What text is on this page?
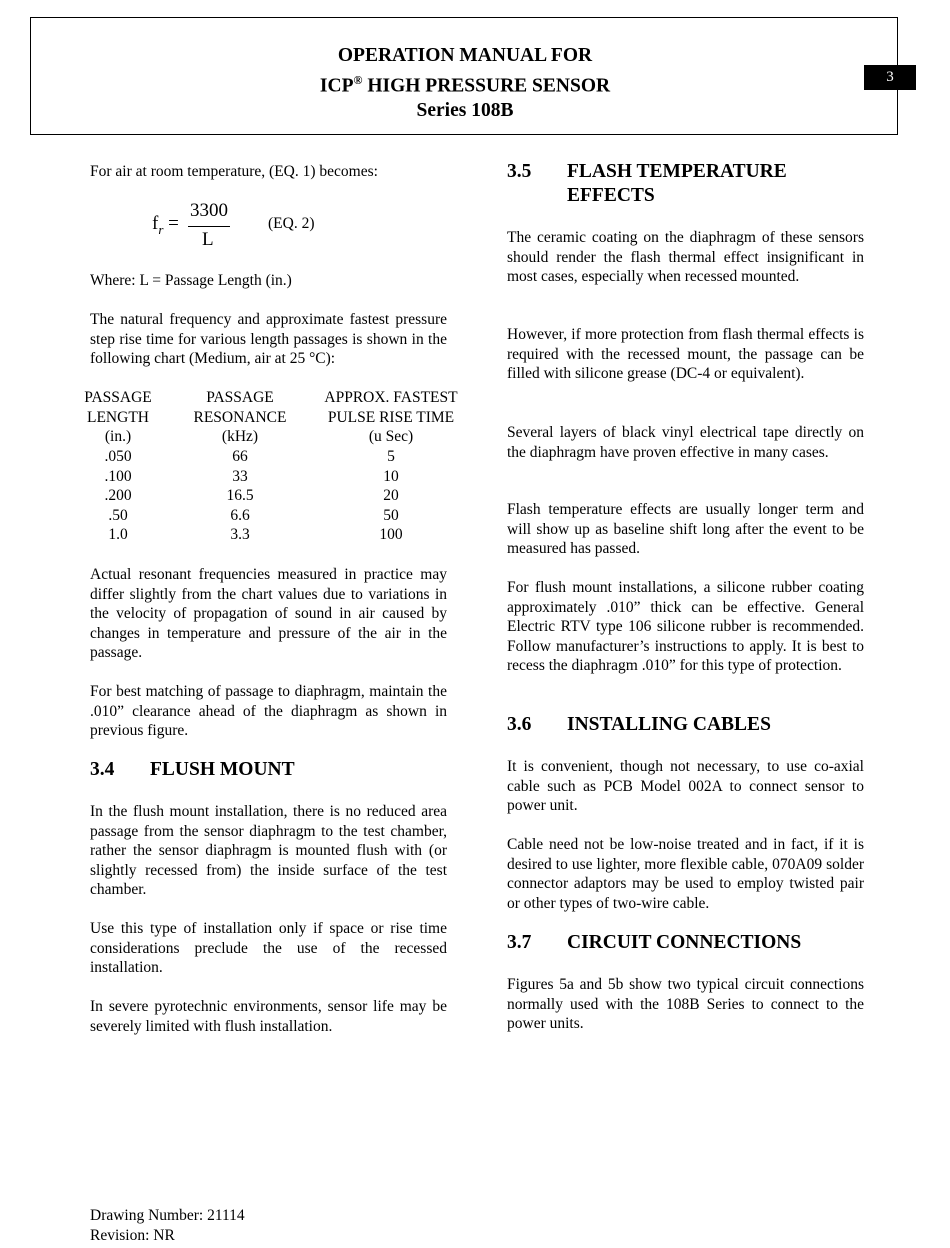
OPERATION MANUAL FOR
ICP® HIGH PRESSURE SENSOR
Series 108B
3
For air at room temperature, (EQ. 1) becomes:
$f_r$ =
3300
L
(EQ. 2)
Where: L = Passage Length (in.)
The natural frequency and approximate fastest pressure step rise time for various length passages is shown in the following chart (Medium, air at 25 °C):
PASSAGE
LENGTH
(in.)
PASSAGE
RESONANCE
(kHz)
APPROX. FASTEST
PULSE RISE TIME
(u Sec)
.050
.100
.200
.50
1.0
66
33
16.5
6.6
3.3
5
10
20
50
100
Actual resonant frequencies measured in practice may differ slightly from the chart values due to variations in the velocity of propagation of sound in air caused by changes in temperature and pressure of the air in the passage.
For best matching of passage to diaphragm, maintain the .010” clearance ahead of the diaphragm as shown in previous figure.
3.4 FLUSH MOUNT
In the flush mount installation, there is no reduced area passage from the sensor diaphragm to the test chamber, rather the sensor diaphragm is mounted flush with (or slightly recessed from) the inside surface of the test chamber.
Use this type of installation only if space or rise time considerations preclude the use of the recessed installation.
In severe pyrotechnic environments, sensor life may be severely limited with flush installation.
3.5 FLASH TEMPERATURE
EFFECTS
The ceramic coating on the diaphragm of these sensors should render the flash thermal effect insignificant in most cases, especially when recessed mounted.
However, if more protection from flash thermal effects is required with the recessed mount, the passage can be filled with silicone grease (DC-4 or equivalent).
Several layers of black vinyl electrical tape directly on the diaphragm have proven effective in many cases.
Flash temperature effects are usually longer term and will show up as baseline shift long after the event to be measured has passed.
For flush mount installations, a silicone rubber coating approximately .010” thick can be effective. General Electric RTV type 106 silicone rubber is recommended. Follow manufacturer’s instructions to apply. It is best to recess the diaphragm .010” for this type of protection.
3.6 INSTALLING CABLES
It is convenient, though not necessary, to use co-axial cable such as PCB Model 002A to connect sensor to power unit.
Cable need not be low-noise treated and in fact, if it is desired to use lighter, more flexible cable, 070A09 solder connector adaptors may be used to employ twisted pair or other types of two-wire cable.
3.7 CIRCUIT CONNECTIONS
Figures 5a and 5b show two typical circuit connections normally used with the 108B Series to connect to the power units.
Drawing Number: 21114
Revision: NR
